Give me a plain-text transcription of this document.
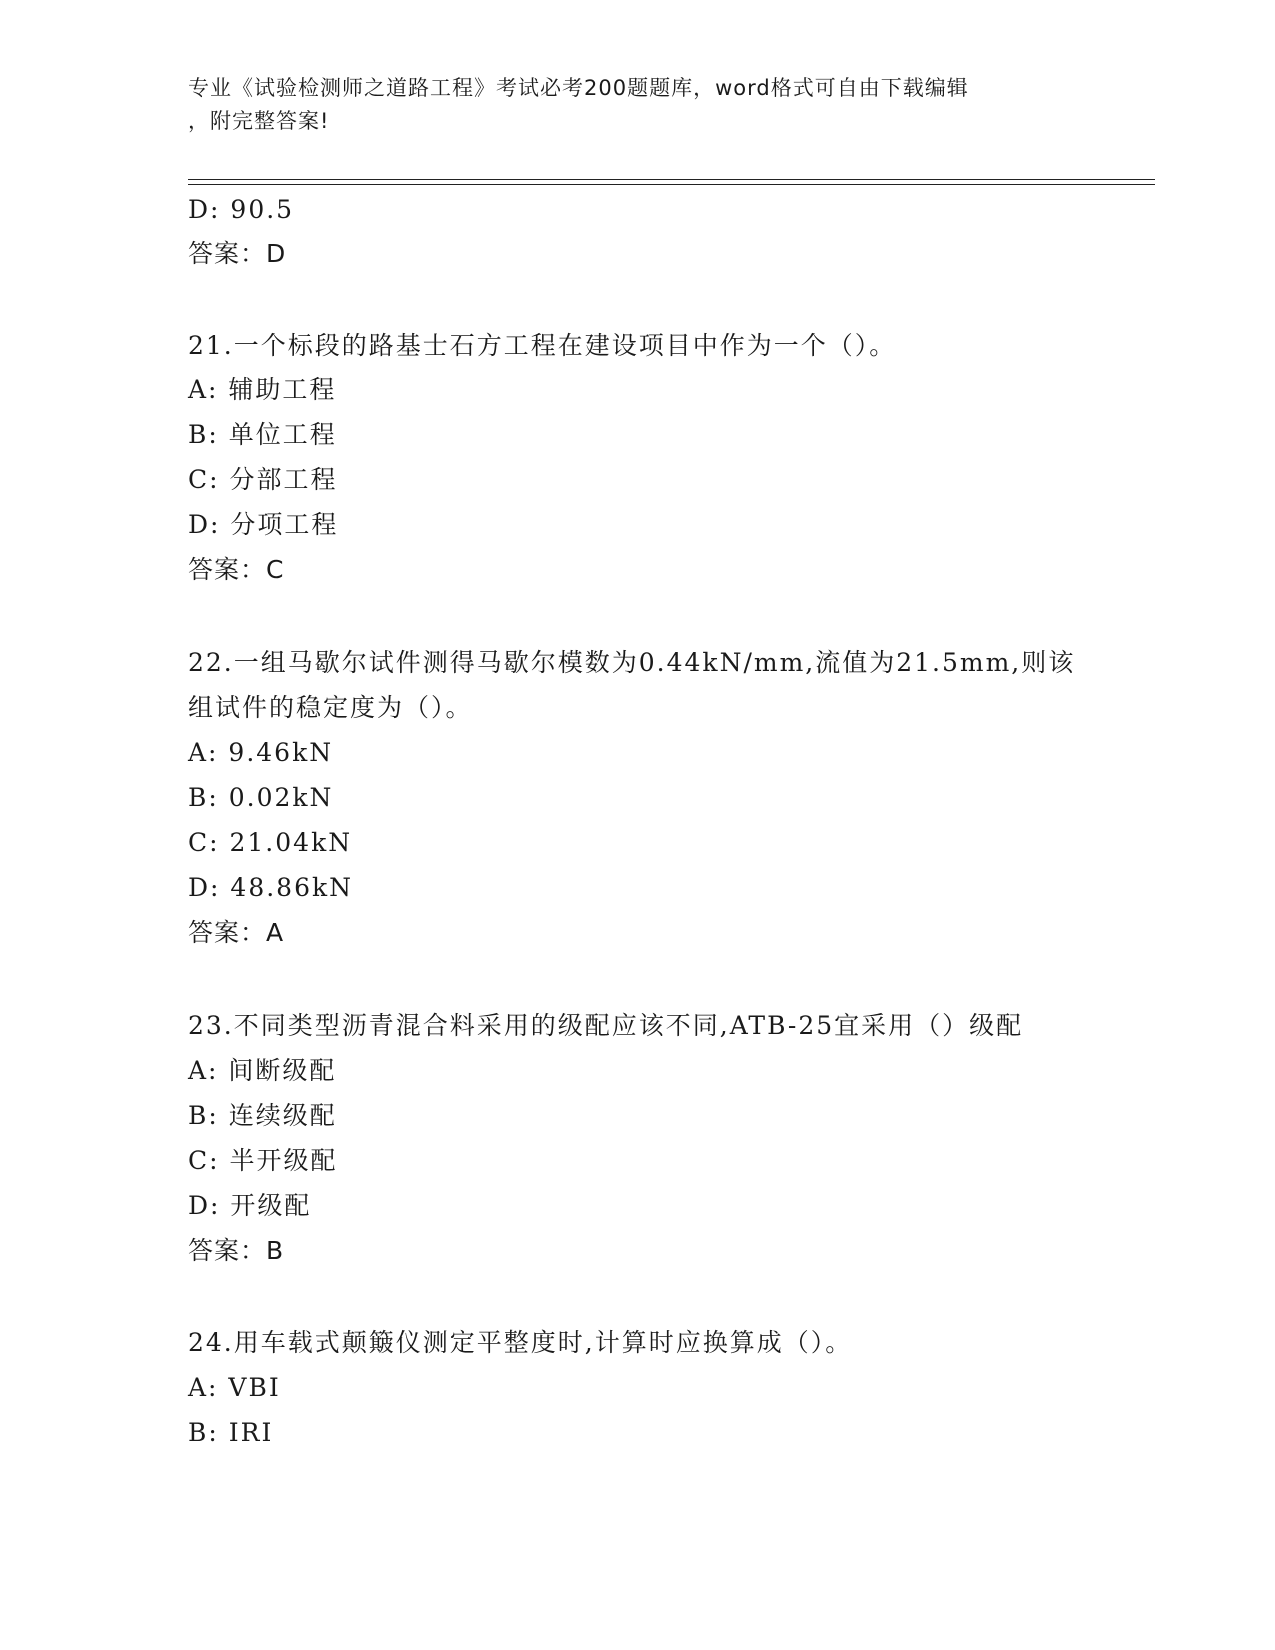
专业《试验检测师之道路工程》考试必考200题题库，word格式可自由下载编辑
，附完整答案!
D: 90.5
答案：D
21.一个标段的路基士石方工程在建设项目中作为一个（）。
A: 辅助工程
B: 单位工程
C: 分部工程
D: 分项工程
答案：C
22.一组马歇尔试件测得马歇尔模数为0.44kN/mm,流值为21.5mm,则该
组试件的稳定度为（）。
A: 9.46kN
B: 0.02kN
C: 21.04kN
D: 48.86kN
答案：A
23.不同类型沥青混合料采用的级配应该不同,ATB-25宜采用（）级配
A: 间断级配
B: 连续级配
C: 半开级配
D: 开级配
答案：B
24.用车载式颠簸仪测定平整度时,计算时应换算成（）。
A: VBI
B: IRI
